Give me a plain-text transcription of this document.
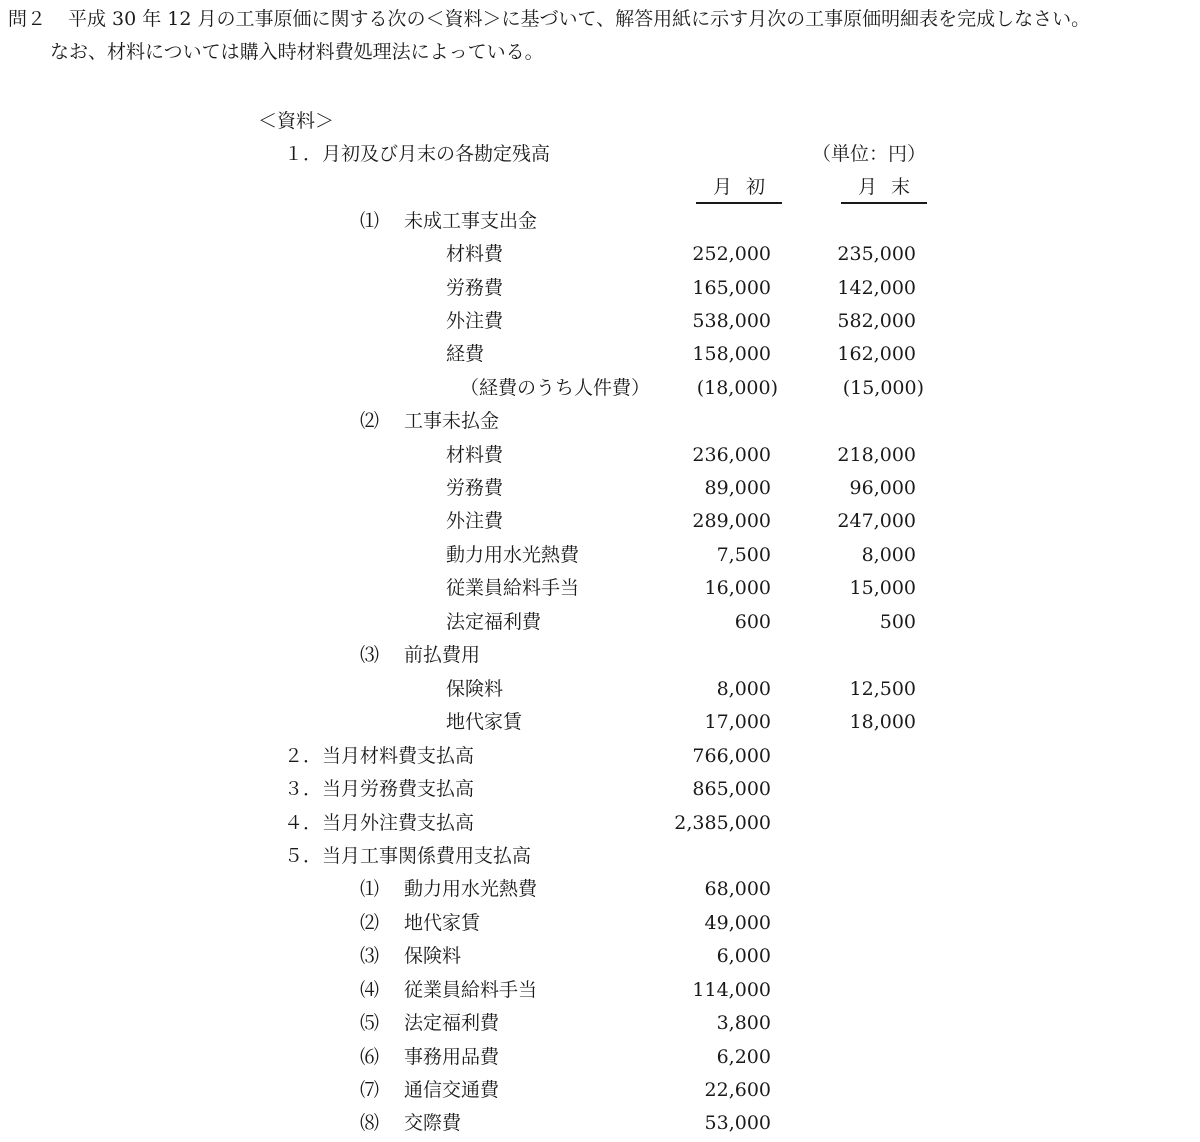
問２ 平成 30 年 12 月の工事原価に関する次の＜資料＞に基づいて、解答用紙に示す月次の工事原価明細表を完成しなさい。
なお、材料については購入時材料費処理法によっている。
＜資料＞
１．月初及び月末の各勘定残高	（単位：円）
月初	月末
⑴ 未成工事支出金
材料費	252,000	235,000
労務費	165,000	142,000
外注費	538,000	582,000
経費	158,000	162,000
（経費のうち人件費） (18,000)	(15,000)
⑵ 工事未払金
材料費	236,000	218,000
労務費	89,000	96,000
外注費	289,000	247,000
動力用水光熱費	7,500	8,000
従業員給料手当	16,000	15,000
法定福利費	600	500
⑶ 前払費用
保険料	8,000	12,500
地代家賃	17,000	18,000
２．当月材料費支払高	766,000
３．当月労務費支払高	865,000
４．当月外注費支払高	2,385,000
５．当月工事関係費用支払高
⑴ 動力用水光熱費	68,000
⑵ 地代家賃	49,000
⑶ 保険料	6,000
⑷ 従業員給料手当	114,000
⑸ 法定福利費	3,800
⑹ 事務用品費	6,200
⑺ 通信交通費	22,600
⑻ 交際費	53,000
